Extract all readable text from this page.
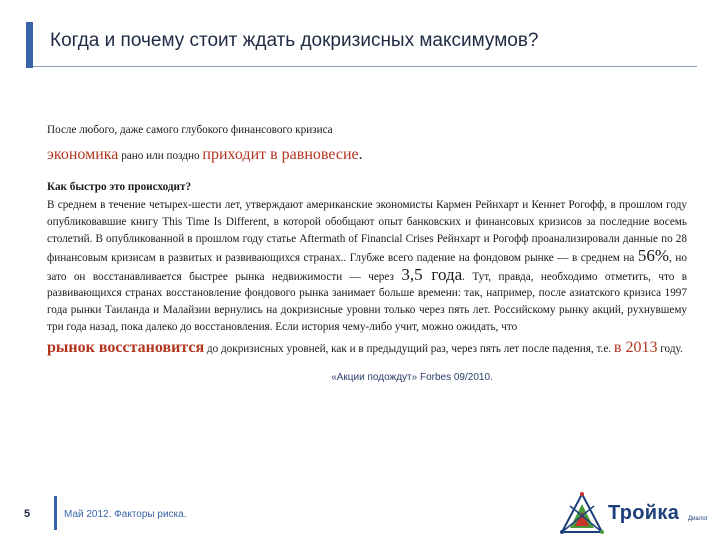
Когда и почему стоит ждать докризисных максимумов?

После любого, даже самого глубокого финансового кризиса

экономика рано или поздно приходит в равновесие.

Как быстро это происходит?

В среднем в течение четырех-шести лет, утверждают американские экономисты Кармен Рейнхарт и Кеннет Рогофф, в прошлом году опубликовавшие книгу This Time Is Different, в которой обобщают опыт банковских и финансовых кризисов за последние восемь столетий. В опубликованной в прошлом году статье Aftermath of Financial Crises Рейнхарт и Рогофф проанализировали данные по 28 финансовым кризисам в развитых и развивающихся странах.. Глубже всего падение на фондовом рынке — в среднем на 56%, но зато он восстанавливается быстрее рынка недвижимости — через 3,5 года. Тут, правда, необходимо отметить, что в развивающихся странах восстановление фондового рынка занимает больше времени: так, например, после азиатского кризиса 1997 года рынки Таиланда и Малайзии вернулись на докризисные уровни только через пять лет. Российскому рынку акций, рухнувшему три года назад, пока далеко до восстановления. Если история чему-либо учит, можно ожидать, что

рынок восстановится до докризисных уровней, как и в предыдущий раз, через пять лет после падения, т.е. в 2013 году.

«Акции подождут» Forbes 09/2010.

5	Май 2012. Факторы риска.	Тройка Диалог
